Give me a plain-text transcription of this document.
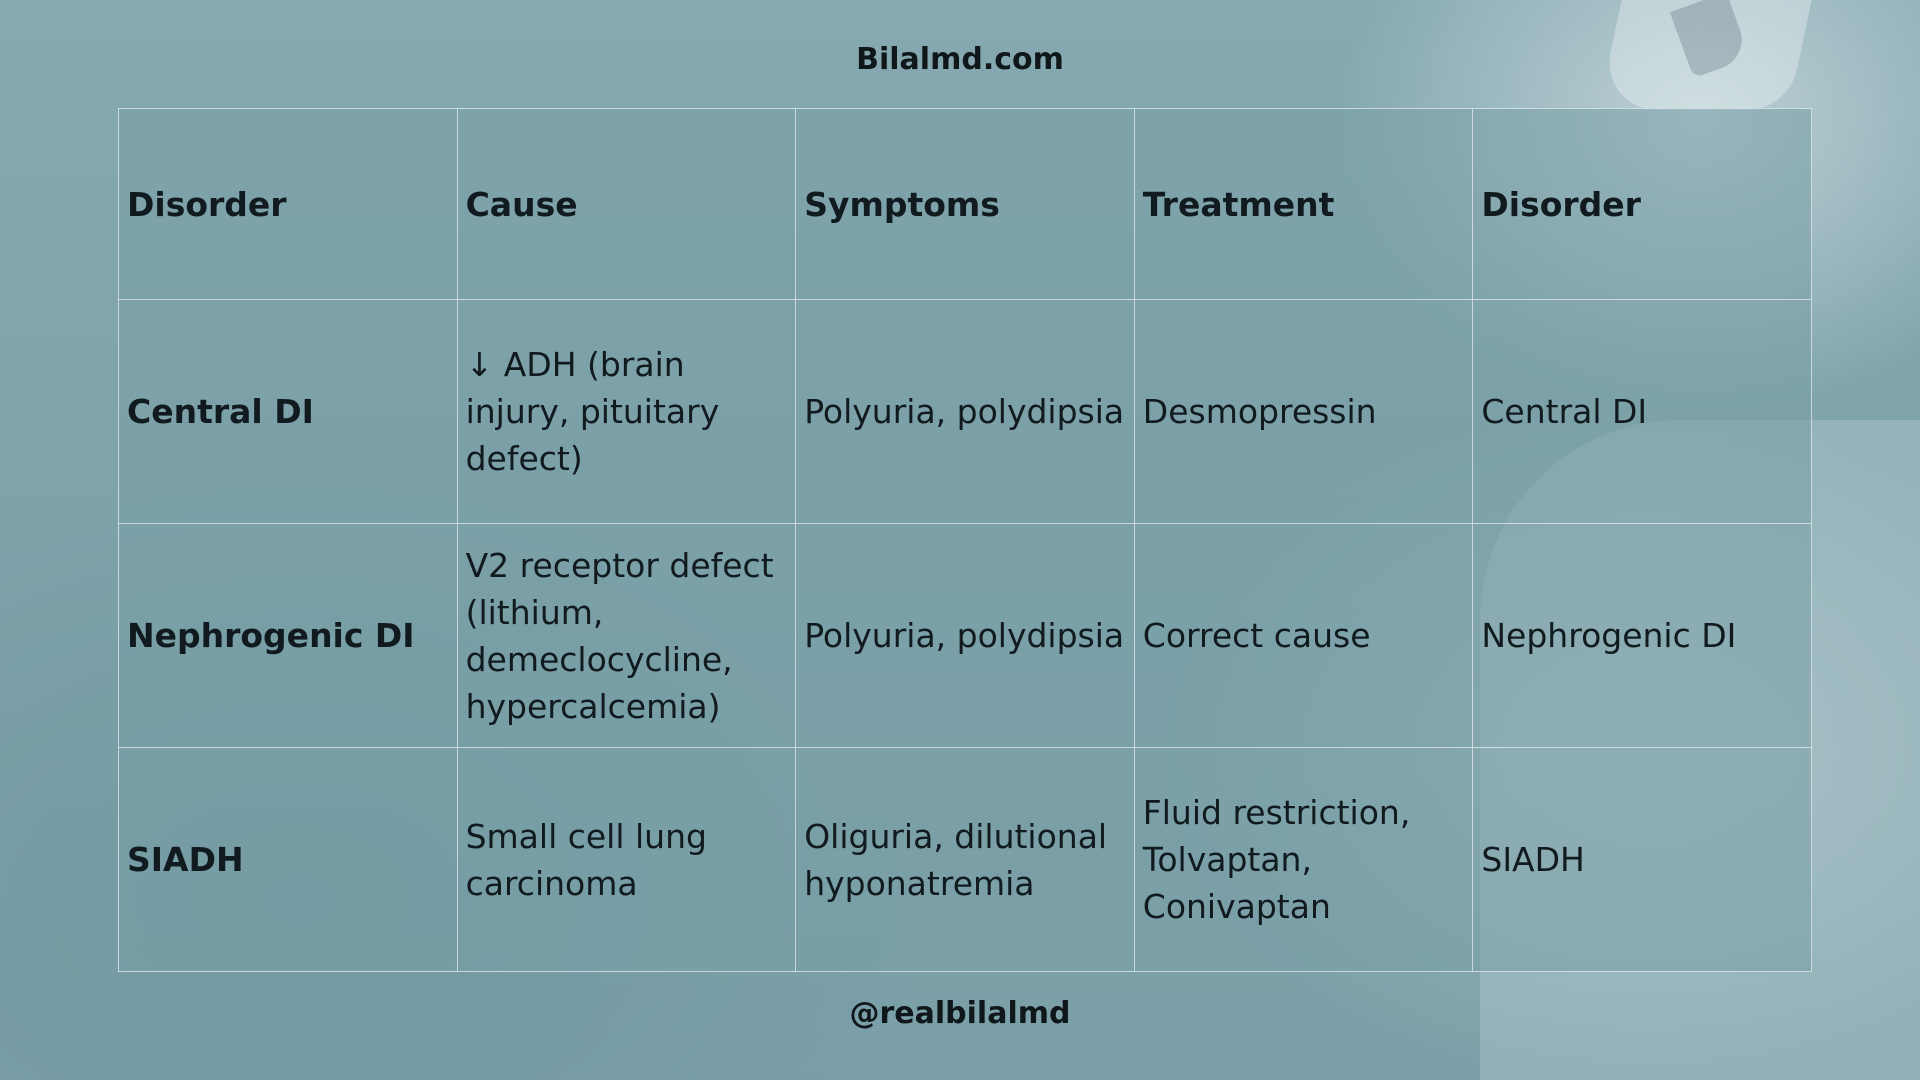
Bilalmd.com
Disorder	Cause	Symptoms	Treatment	Disorder
Central DI	↓ ADH (brain injury, pituitary defect)	Polyuria, polydipsia	Desmopressin	Central DI
Nephrogenic DI	V2 receptor defect (lithium, demeclocycline, hypercalcemia)	Polyuria, polydipsia	Correct cause	Nephrogenic DI
SIADH	Small cell lung carcinoma	Oliguria, dilutional hyponatremia	Fluid restriction, Tolvaptan, Conivaptan	SIADH

@realbilalmd
